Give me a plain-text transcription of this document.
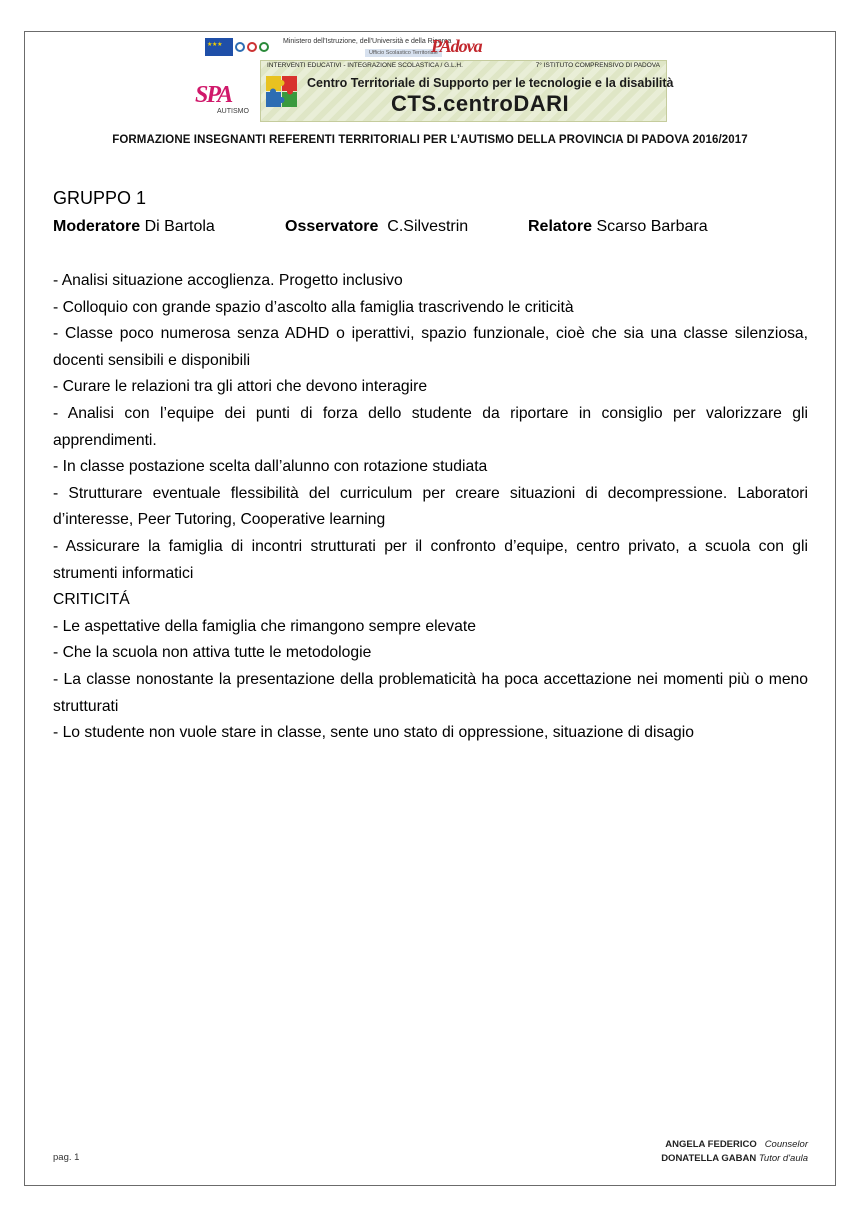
★ ★ ★
Ministero dell'Istruzione, dell'Università e della Ricerca
Ufficio Scolastico Territoriale
PAdova
INTERVENTI EDUCATIVI - INTEGRAZIONE SCOLASTICA / G.L.H.	7° ISTITUTO COMPRENSIVO DI PADOVA
Centro Territoriale di Supporto per le tecnologie e la disabilità
CTS.centroDARI
SPA
AUTISMO
FORMAZIONE INSEGNANTI REFERENTI TERRITORIALI PER L’AUTISMO DELLA PROVINCIA DI PADOVA 2016/2017
GRUPPO 1
Moderatore Di Bartola	Osservatore C.Silvestrin	Relatore Scarso Barbara

- Analisi situazione accoglienza. Progetto inclusivo

- Colloquio con grande spazio d’ascolto alla famiglia trascrivendo le criticità

- Classe poco numerosa senza ADHD o iperattivi, spazio funzionale, cioè che sia una classe silenziosa, docenti sensibili e disponibili

- Curare le relazioni tra gli attori che devono interagire

- Analisi con l’equipe dei punti di forza dello studente da riportare in consiglio per valorizzare gli apprendimenti.

- In classe postazione scelta dall’alunno con rotazione studiata

- Strutturare eventuale flessibilità del curriculum per creare situazioni di decompressione. Laboratori d’interesse, Peer Tutoring, Cooperative learning

- Assicurare la famiglia di incontri strutturati per il confronto d’equipe, centro privato, a scuola con gli strumenti informatici

CRITICITÁ

- Le aspettative della famiglia che rimangono sempre elevate

- Che la scuola non attiva tutte le metodologie

- La classe nonostante la presentazione della problematicità ha poca accettazione nei momenti più o meno strutturati

- Lo studente non vuole stare in classe, sente uno stato di oppressione, situazione di disagio

pag. 1
ANGELA FEDERICO Counselor
DONATELLA GABAN Tutor d'aula
